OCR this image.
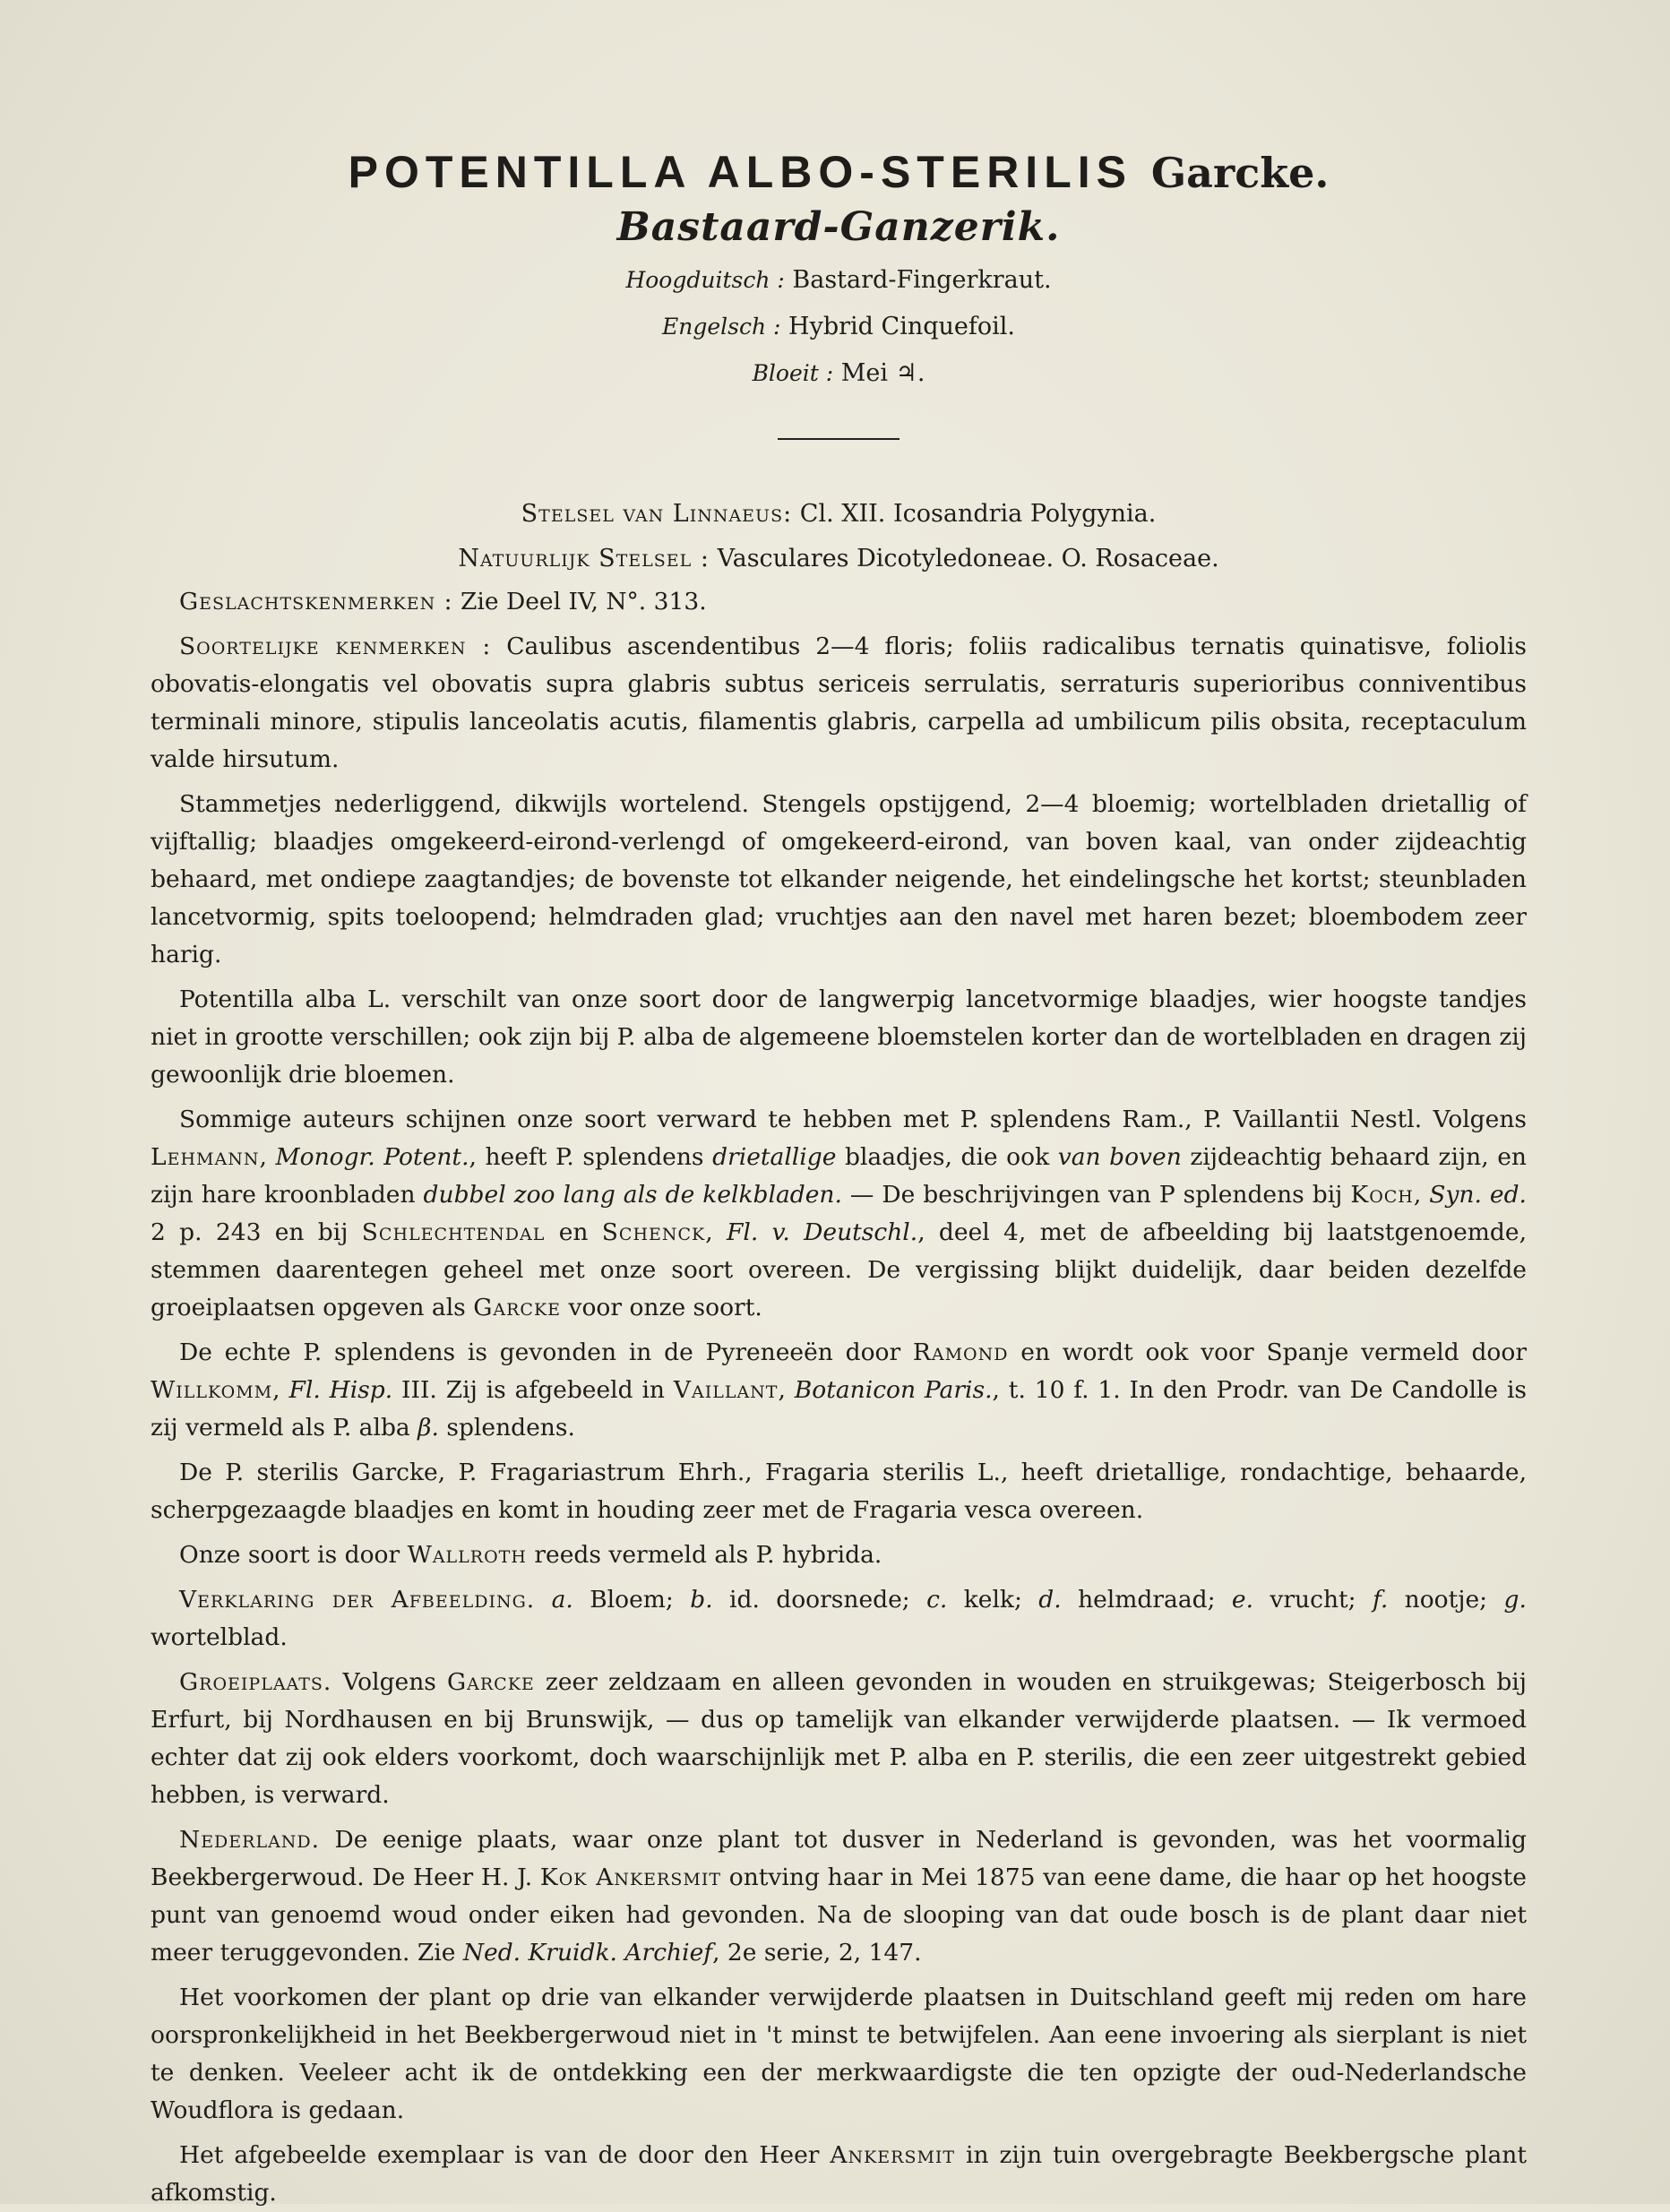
POTENTILLA ALBO-STERILIS Garcke.
Bastaard-Ganzerik.
Hoogduitsch : Bastard-Fingerkraut.
Engelsch : Hybrid Cinquefoil.
Bloeit : Mei ♃.
Stelsel van Linnaeus: Cl. XII. Icosandria Polygynia.
Natuurlijk Stelsel : Vasculares Dicotyledoneae. O. Rosaceae.

Geslachtskenmerken : Zie Deel IV, N°. 313.

Soortelijke kenmerken : Caulibus ascendentibus 2—4 floris; foliis radicalibus ternatis quinatisve, foliolis obovatis-elongatis vel obovatis supra glabris subtus sericeis serrulatis, serraturis superioribus conniventibus terminali minore, stipulis lanceolatis acutis, filamentis glabris, carpella ad umbilicum pilis obsita, receptaculum valde hirsutum.

Stammetjes nederliggend, dikwijls wortelend. Stengels opstijgend, 2—4 bloemig; wortelbladen drietallig of vijftallig; blaadjes omgekeerd-eirond-verlengd of omgekeerd-eirond, van boven kaal, van onder zijdeachtig behaard, met ondiepe zaagtandjes; de bovenste tot elkander neigende, het eindelingsche het kortst; steunbladen lancetvormig, spits toeloopend; helmdraden glad; vruchtjes aan den navel met haren bezet; bloembodem zeer harig.

Potentilla alba L. verschilt van onze soort door de langwerpig lancetvormige blaadjes, wier hoogste tandjes niet in grootte verschillen; ook zijn bij P. alba de algemeene bloemstelen korter dan de wortelbladen en dragen zij gewoonlijk drie bloemen.

Sommige auteurs schijnen onze soort verward te hebben met P. splendens Ram., P. Vaillantii Nestl. Volgens Lehmann, Monogr. Potent., heeft P. splendens drietallige blaadjes, die ook van boven zijdeachtig behaard zijn, en zijn hare kroonbladen dubbel zoo lang als de kelkbladen. — De beschrijvingen van P splendens bij Koch, Syn. ed. 2 p. 243 en bij Schlechtendal en Schenck, Fl. v. Deutschl., deel 4, met de afbeelding bij laatstgenoemde, stemmen daarentegen geheel met onze soort overeen. De vergissing blijkt duidelijk, daar beiden dezelfde groeiplaatsen opgeven als Garcke voor onze soort.

De echte P. splendens is gevonden in de Pyreneeën door Ramond en wordt ook voor Spanje vermeld door Willkomm, Fl. Hisp. III. Zij is afgebeeld in Vaillant, Botanicon Paris., t. 10 f. 1. In den Prodr. van De Candolle is zij vermeld als P. alba β. splendens.

De P. sterilis Garcke, P. Fragariastrum Ehrh., Fragaria sterilis L., heeft drietallige, rondachtige, behaarde, scherpgezaagde blaadjes en komt in houding zeer met de Fragaria vesca overeen.

Onze soort is door Wallroth reeds vermeld als P. hybrida.

Verklaring der Afbeelding. a. Bloem; b. id. doorsnede; c. kelk; d. helmdraad; e. vrucht; f. nootje; g. wortelblad.

Groeiplaats. Volgens Garcke zeer zeldzaam en alleen gevonden in wouden en struikgewas; Steigerbosch bij Erfurt, bij Nordhausen en bij Brunswijk, — dus op tamelijk van elkander verwijderde plaatsen. — Ik vermoed echter dat zij ook elders voorkomt, doch waarschijnlijk met P. alba en P. sterilis, die een zeer uitgestrekt gebied hebben, is verward.

Nederland. De eenige plaats, waar onze plant tot dusver in Nederland is gevonden, was het voormalig Beekbergerwoud. De Heer H. J. Kok Ankersmit ontving haar in Mei 1875 van eene dame, die haar op het hoogste punt van genoemd woud onder eiken had gevonden. Na de slooping van dat oude bosch is de plant daar niet meer teruggevonden. Zie Ned. Kruidk. Archief, 2e serie, 2, 147.

Het voorkomen der plant op drie van elkander verwijderde plaatsen in Duitschland geeft mij reden om hare oorspronkelijkheid in het Beekbergerwoud niet in 't minst te betwijfelen. Aan eene invoering als sierplant is niet te denken. Veeleer acht ik de ontdekking een der merkwaardigste die ten opzigte der oud-Nederlandsche Woudflora is gedaan.

Het afgebeelde exemplaar is van de door den Heer Ankersmit in zijn tuin overgebragte Beekbergsche plant afkomstig.
